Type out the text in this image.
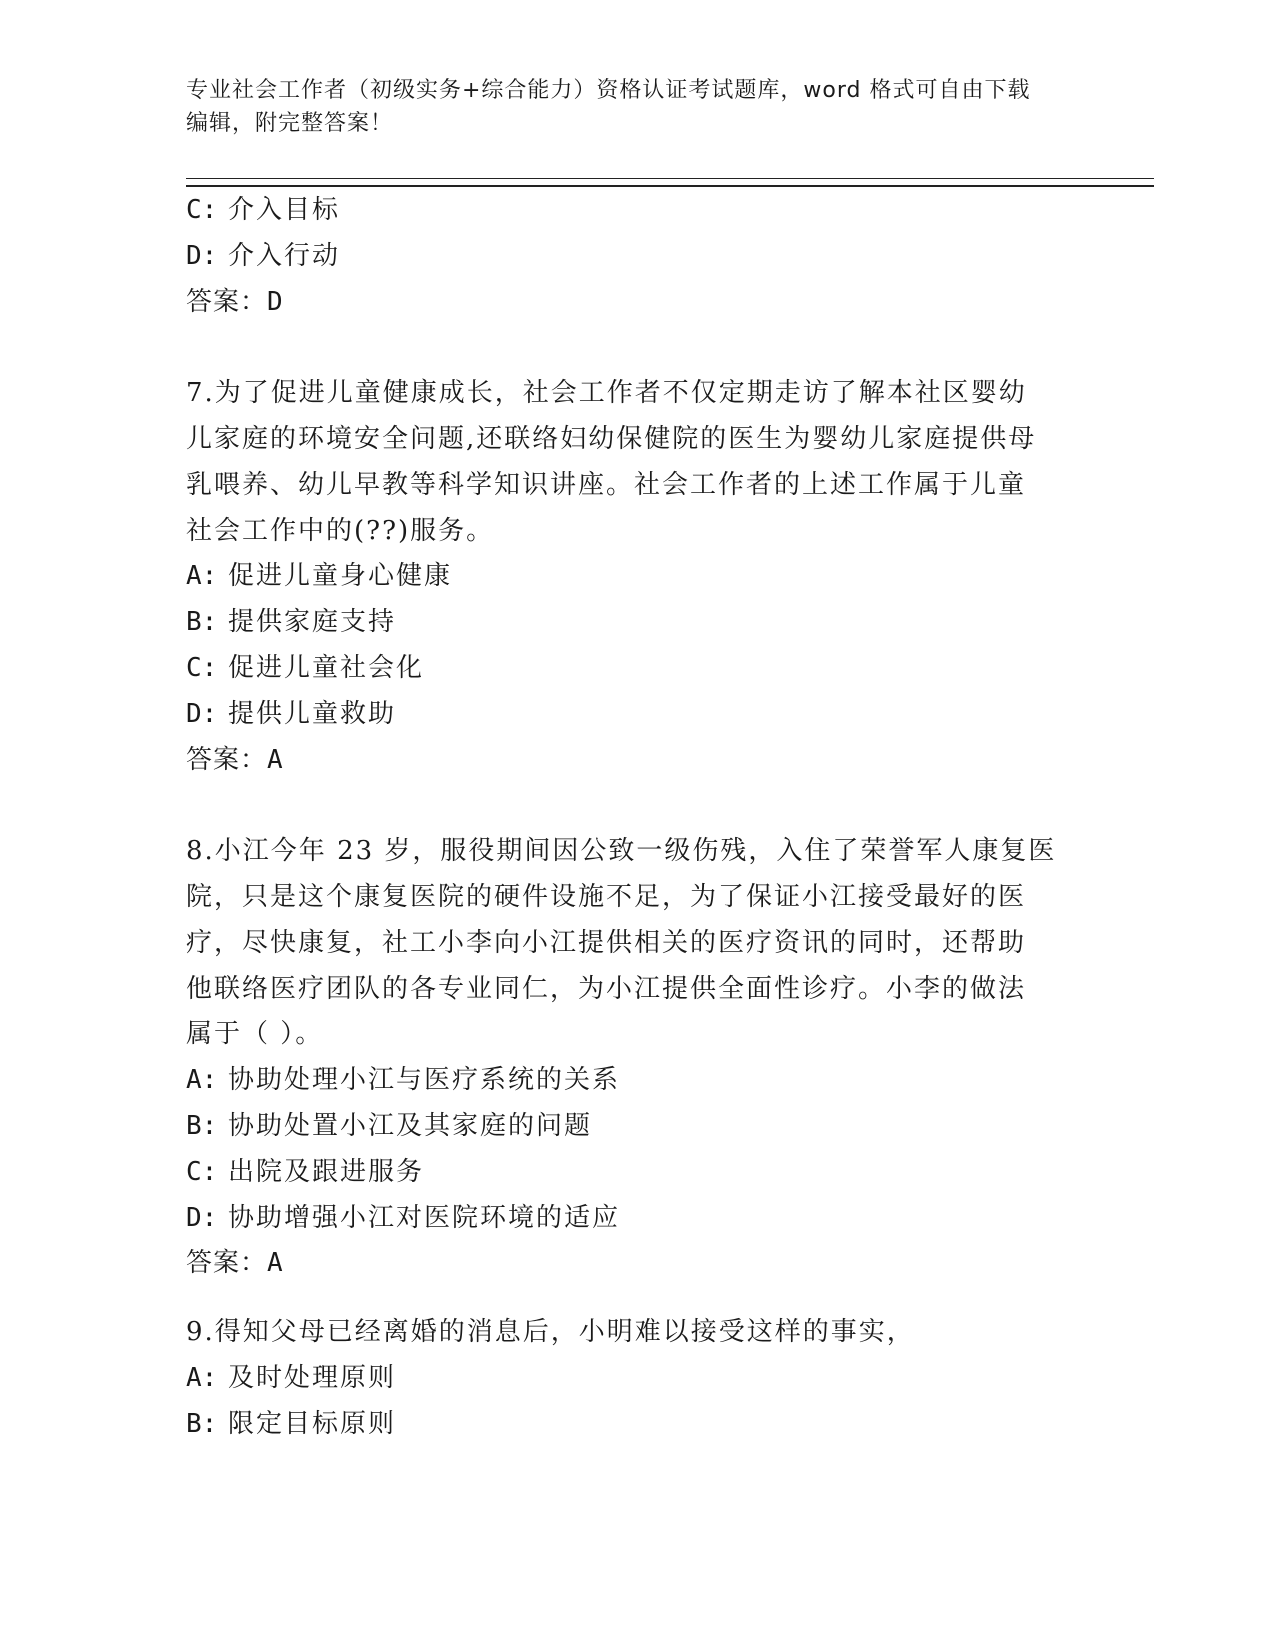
专业社会工作者（初级实务+综合能力）资格认证考试题库，word 格式可自由下载
编辑，附完整答案！
C: 介入目标
D: 介入行动
答案：D
7.为了促进儿童健康成长，社会工作者不仅定期走访了解本社区婴幼
儿家庭的环境安全问题,还联络妇幼保健院的医生为婴幼儿家庭提供母
乳喂养、幼儿早教等科学知识讲座。社会工作者的上述工作属于儿童
社会工作中的(??)服务。
A: 促进儿童身心健康
B: 提供家庭支持
C: 促进儿童社会化
D: 提供儿童救助
答案：A
8.小江今年 23 岁，服役期间因公致一级伤残，入住了荣誉军人康复医
院，只是这个康复医院的硬件设施不足，为了保证小江接受最好的医
疗，尽快康复，社工小李向小江提供相关的医疗资讯的同时，还帮助
他联络医疗团队的各专业同仁，为小江提供全面性诊疗。小李的做法
属于（ ）。
A: 协助处理小江与医疗系统的关系
B: 协助处置小江及其家庭的问题
C: 出院及跟进服务
D: 协助增强小江对医院环境的适应
答案：A
9.得知父母已经离婚的消息后，小明难以接受这样的事实，
A: 及时处理原则
B: 限定目标原则
